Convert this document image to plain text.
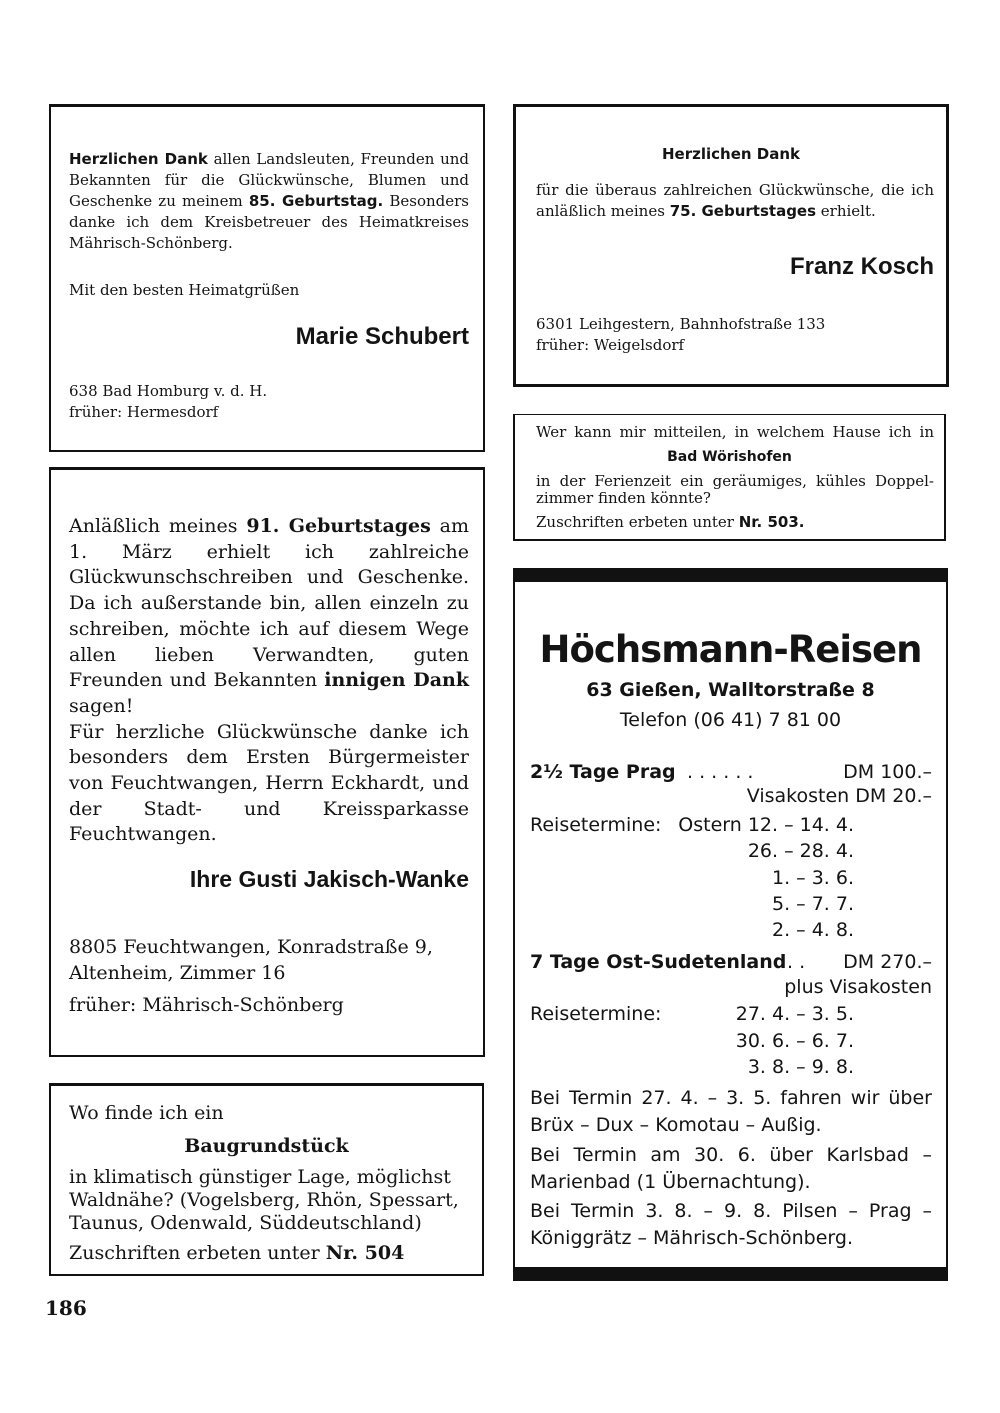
Herzlichen Dank allen Landsleuten, Freunden und Bekannten für die Glückwünsche, Blumen und Geschenke zu meinem 85. Geburtstag. Besonders danke ich dem Kreisbetreuer des Heimatkreises Mährisch-Schönberg.

Mit den besten Heimatgrüßen

Marie Schubert

638 Bad Homburg v. d. H.

früher: Hermesdorf

Herzlichen Dank

für die überaus zahlreichen Glückwünsche, die ich anläßlich meines 75. Geburtstages erhielt.

Franz Kosch

6301 Leihgestern, Bahnhofstraße 133

früher: Weigelsdorf

Wer kann mir mitteilen, in welchem Hause ich in

Bad Wörishofen

in der Ferienzeit ein geräumiges, kühles Doppel-

zimmer finden könnte?

Zuschriften erbeten unter Nr. 503.

Anläßlich meines 91. Geburtstages am 1. März erhielt ich zahlreiche Glückwunschschreiben und Geschenke. Da ich außerstande bin, allen einzeln zu schreiben, möchte ich auf diesem Wege allen lieben Verwandten, guten Freunden und Bekannten innigen Dank sagen!

Für herzliche Glückwünsche danke ich besonders dem Ersten Bürgermeister von Feuchtwangen, Herrn Eckhardt, und der Stadt- und Kreissparkasse Feuchtwangen.

Ihre Gusti Jakisch-Wanke

8805 Feuchtwangen, Konradstraße 9,

Altenheim, Zimmer 16

früher: Mährisch-Schönberg

Wo finde ich ein

Baugrundstück

in klimatisch günstiger Lage, möglichst Waldnähe? (Vogelsberg, Rhön, Spessart, Taunus, Odenwald, Süddeutschland)

Zuschriften erbeten unter Nr. 504

Höchsmann-Reisen

63 Gießen, Walltorstraße 8

Telefon (06 41) 7 81 00

2½ Tage Prag . . . . . .	DM 100.–
Visakosten DM 20.–
Reisetermine: Ostern 12. – 14. 4.
26. – 28. 4.
1. – 3. 6.
5. – 7. 7.
2. – 4. 8.
7 Tage Ost-Sudetenland . . DM 270.–
plus Visakosten
Reisetermine:	27. 4. – 3. 5.
30. 6. – 6. 7.
3. 8. – 9. 8.

Bei Termin 27. 4. – 3. 5. fahren wir über Brüx – Dux – Komotau – Außig.

Bei Termin am 30. 6. über Karlsbad – Marienbad (1 Übernachtung).

Bei Termin 3. 8. – 9. 8. Pilsen – Prag – Königgrätz – Mährisch-Schönberg.

186
